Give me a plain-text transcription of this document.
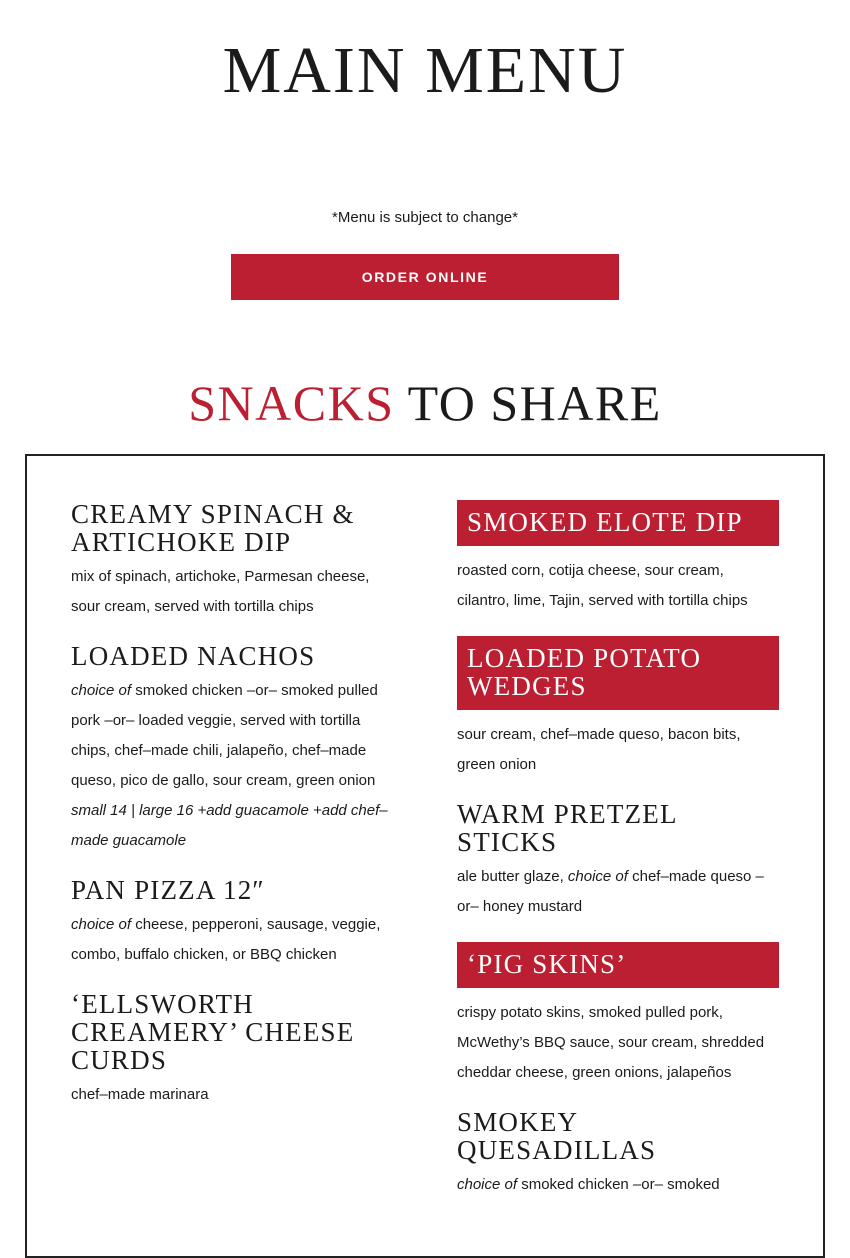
MAIN MENU

*Menu is subject to change*

ORDER ONLINE
SNACKS TO SHARE
CREAMY SPINACH & ARTICHOKE DIP

mix of spinach, artichoke, Parmesan cheese, sour cream, served with tortilla chips

LOADED NACHOS

choice of smoked chicken –or– smoked pulled pork –or– loaded veggie, served with tortilla chips, chef–made chili, jalapeño, chef–made queso, pico de gallo, sour cream, green onion

small 14 | large 16 +add guacamole +add chef–made guacamole

PAN PIZZA 12″

choice of cheese, pepperoni, sausage, veggie, combo, buffalo chicken, or BBQ chicken

‘ELLSWORTH CREAMERY’ CHEESE CURDS

chef–made marinara

SMOKED ELOTE DIP

roasted corn, cotija cheese, sour cream, cilantro, lime, Tajin, served with tortilla chips

LOADED POTATO WEDGES

sour cream, chef–made queso, bacon bits, green onion

WARM PRETZEL STICKS

ale butter glaze, choice of chef–made queso –or– honey mustard

‘PIG SKINS’

crispy potato skins, smoked pulled pork, McWethy’s BBQ sauce, sour cream, shredded cheddar cheese, green onions, jalapeños

SMOKEY QUESADILLAS

choice of smoked chicken –or– smoked
